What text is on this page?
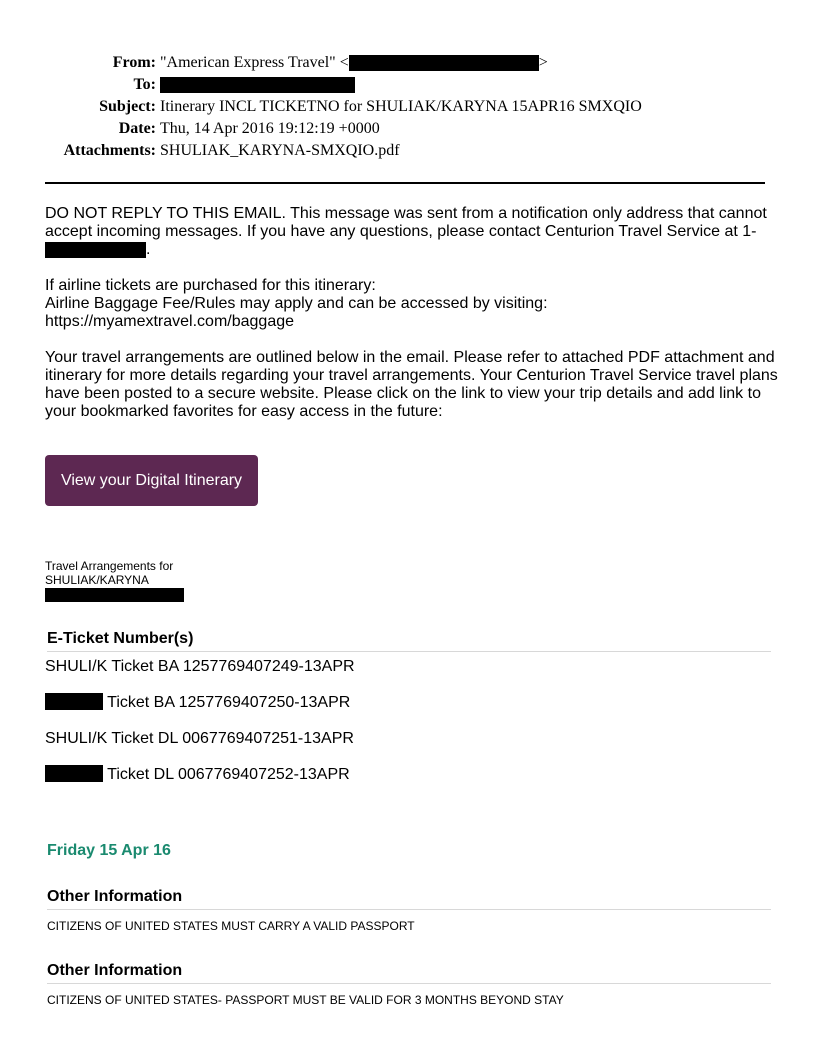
From: "American Express Travel" <	>
To:
Subject: Itinerary INCL TICKETNO for SHULIAK/KARYNA 15APR16 SMXQIO
Date: Thu, 14 Apr 2016 19:12:19 +0000
Attachments: SHULIAK_KARYNA-SMXQIO.pdf

DO NOT REPLY TO THIS EMAIL. This message was sent from a notification only address that cannot accept incoming messages. If you have any questions, please contact Centurion Travel Service at 1-.

If airline tickets are purchased for this itinerary:
Airline Baggage Fee/Rules may apply and can be accessed by visiting:
https://myamextravel.com/baggage

Your travel arrangements are outlined below in the email. Please refer to attached PDF attachment and itinerary for more details regarding your travel arrangements. Your Centurion Travel Service travel plans have been posted to a secure website. Please click on the link to view your trip details and add link to your bookmarked favorites for easy access in the future:

View your Digital Itinerary
Travel Arrangements for
SHULIAK/KARYNA
E-Ticket Number(s)
SHULI/K Ticket BA 1257769407249-13APR
Ticket BA 1257769407250-13APR
SHULI/K Ticket DL 0067769407251-13APR
Ticket DL 0067769407252-13APR
Friday 15 Apr 16
Other Information
CITIZENS OF UNITED STATES MUST CARRY A VALID PASSPORT
Other Information
CITIZENS OF UNITED STATES- PASSPORT MUST BE VALID FOR 3 MONTHS BEYOND STAY
